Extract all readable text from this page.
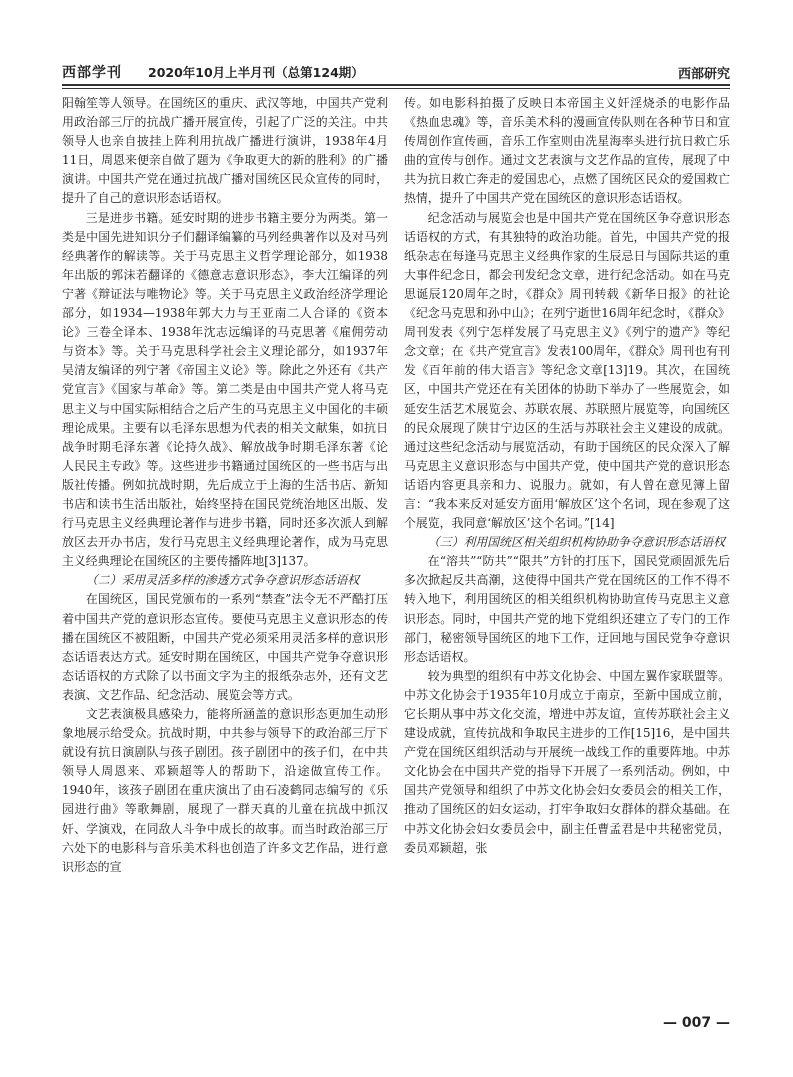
西部学刊 2020年10月上半月刊（总第124期）	西部研究

阳翰笙等人领导。在国统区的重庆、武汉等地，中国共产党利用政治部三厅的抗战广播开展宣传，引起了广泛的关注。中共领导人也亲自披挂上阵利用抗战广播进行演讲，1938年4月11日，周恩来便亲自做了题为《争取更大的新的胜利》的广播演讲。中国共产党在通过抗战广播对国统区民众宣传的同时，提升了自己的意识形态话语权。

三是进步书籍。延安时期的进步书籍主要分为两类。第一类是中国先进知识分子们翻译编纂的马列经典著作以及对马列经典著作的解读等。关于马克思主义哲学理论部分，如1938年出版的郭沫若翻译的《德意志意识形态》，李大江编译的列宁著《辩证法与唯物论》等。关于马克思主义政治经济学理论部分，如1934—1938年郭大力与王亚南二人合译的《资本论》三卷全译本、1938年沈志远编译的马克思著《雇佣劳动与资本》等。关于马克思科学社会主义理论部分，如1937年吴清友编译的列宁著《帝国主义论》等。除此之外还有《共产党宣言》《国家与革命》等。第二类是由中国共产党人将马克思主义与中国实际相结合之后产生的马克思主义中国化的丰硕理论成果。主要有以毛泽东思想为代表的相关文献集，如抗日战争时期毛泽东著《论持久战》、解放战争时期毛泽东著《论人民民主专政》等。这些进步书籍通过国统区的一些书店与出版社传播。例如抗战时期，先后成立于上海的生活书店、新知书店和读书生活出版社，始终坚持在国民党统治地区出版、发行马克思主义经典理论著作与进步书籍，同时还多次派人到解放区去开办书店，发行马克思主义经典理论著作，成为马克思主义经典理论在国统区的主要传播阵地[3]137。

（二）采用灵活多样的渗透方式争夺意识形态话语权

在国统区，国民党颁布的一系列“禁查”法令无不严酷打压着中国共产党的意识形态宣传。要使马克思主义意识形态的传播在国统区不被阻断，中国共产党必须采用灵活多样的意识形态话语表达方式。延安时期在国统区，中国共产党争夺意识形态话语权的方式除了以书面文字为主的报纸杂志外，还有文艺表演、文艺作品、纪念活动、展览会等方式。

文艺表演极具感染力，能将所涵盖的意识形态更加生动形象地展示给受众。抗战时期，中共参与领导下的政治部三厅下就设有抗日演剧队与孩子剧团。孩子剧团中的孩子们，在中共领导人周恩来、邓颖超等人的帮助下，沿途做宣传工作。1940年，该孩子剧团在重庆演出了由石凌鹤同志编写的《乐园进行曲》等歌舞剧，展现了一群天真的儿童在抗战中抓汉奸、学演戏，在同敌人斗争中成长的故事。而当时政治部三厅六处下的电影科与音乐美术科也创造了许多文艺作品，进行意识形态的宣

传。如电影科拍摄了反映日本帝国主义奸淫烧杀的电影作品《热血忠魂》等，音乐美术科的漫画宣传队则在各种节日和宣传周创作宣传画，音乐工作室则由冼星海率头进行抗日救亡乐曲的宣传与创作。通过文艺表演与文艺作品的宣传，展现了中共为抗日救亡奔走的爱国忠心，点燃了国统区民众的爱国救亡热情，提升了中国共产党在国统区的意识形态话语权。

纪念活动与展览会也是中国共产党在国统区争夺意识形态话语权的方式，有其独特的政治功能。首先，中国共产党的报纸杂志在每逢马克思主义经典作家的生辰忌日与国际共运的重大事件纪念日，都会刊发纪念文章，进行纪念活动。如在马克思诞辰120周年之时，《群众》周刊转载《新华日报》的社论《纪念马克思和孙中山》；在列宁逝世16周年纪念时，《群众》周刊发表《列宁怎样发展了马克思主义》《列宁的遗产》等纪念文章；在《共产党宣言》发表100周年，《群众》周刊也有刊发《百年前的伟大语言》等纪念文章[13]19。其次，在国统区，中国共产党还在有关团体的协助下举办了一些展览会，如延安生活艺术展览会、苏联农展、苏联照片展览等，向国统区的民众展现了陕甘宁边区的生活与苏联社会主义建设的成就。通过这些纪念活动与展览活动，有助于国统区的民众深入了解马克思主义意识形态与中国共产党，使中国共产党的意识形态话语内容更具亲和力、说服力。就如，有人曾在意见簿上留言：“我本来反对延安方面用‘解放区’这个名词，现在参观了这个展览，我同意‘解放区’这个名词。”[14]

（三）利用国统区相关组织机构协助争夺意识形态话语权

在“溶共”“防共”“限共”方针的打压下，国民党顽固派先后多次掀起反共高潮，这使得中国共产党在国统区的工作不得不转入地下，利用国统区的相关组织机构协助宣传马克思主义意识形态。同时，中国共产党的地下党组织还建立了专门的工作部门，秘密领导国统区的地下工作，迂回地与国民党争夺意识形态话语权。

较为典型的组织有中苏文化协会、中国左翼作家联盟等。中苏文化协会于1935年10月成立于南京，至新中国成立前，它长期从事中苏文化交流，增进中苏友谊，宣传苏联社会主义建设成就，宣传抗战和争取民主进步的工作[15]16，是中国共产党在国统区组织活动与开展统一战线工作的重要阵地。中苏文化协会在中国共产党的指导下开展了一系列活动。例如，中国共产党领导和组织了中苏文化协会妇女委员会的相关工作，推动了国统区的妇女运动，打牢争取妇女群体的群众基础。在中苏文化协会妇女委员会中，副主任曹孟君是中共秘密党员，委员邓颖超，张

— 007 —
